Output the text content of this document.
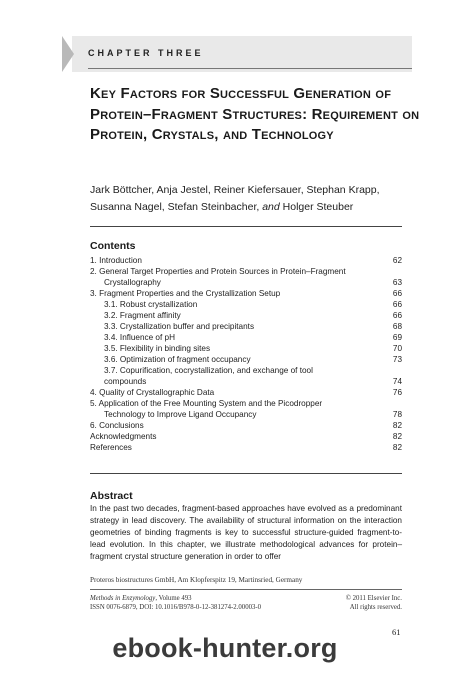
CHAPTER THREE
Key Factors for Successful Generation of Protein–Fragment Structures: Requirement on Protein, Crystals, and Technology
Jark Böttcher, Anja Jestel, Reiner Kiefersauer, Stephan Krapp,
Susanna Nagel, Stefan Steinbacher, and Holger Steuber
Contents
1. Introduction	62
2. General Target Properties and Protein Sources in Protein–Fragment
Crystallography	63
3. Fragment Properties and the Crystallization Setup	66
3.1. Robust crystallization	66
3.2. Fragment affinity	66
3.3. Crystallization buffer and precipitants	68
3.4. Influence of pH	69
3.5. Flexibility in binding sites	70
3.6. Optimization of fragment occupancy	73
3.7. Copurification, cocrystallization, and exchange of tool
compounds	74
4. Quality of Crystallographic Data	76
5. Application of the Free Mounting System and the Picodropper
Technology to Improve Ligand Occupancy	78
6. Conclusions	82
Acknowledgments	82
References	82
Abstract
In the past two decades, fragment-based approaches have evolved as a predominant strategy in lead discovery. The availability of structural information on the interaction geometries of binding fragments is key to successful structure-guided fragment-to-lead evolution. In this chapter, we illustrate methodological advances for protein–fragment crystal structure generation in order to offer
Proteros biostructures GmbH, Am Klopferspitz 19, Martinsried, Germany
Methods in Enzymology, Volume 493	© 2011 Elsevier Inc.
ISSN 0076-6879, DOI: 10.1016/B978-0-12-381274-2.00003-0	All rights reserved.
61
ebook-hunter.org
